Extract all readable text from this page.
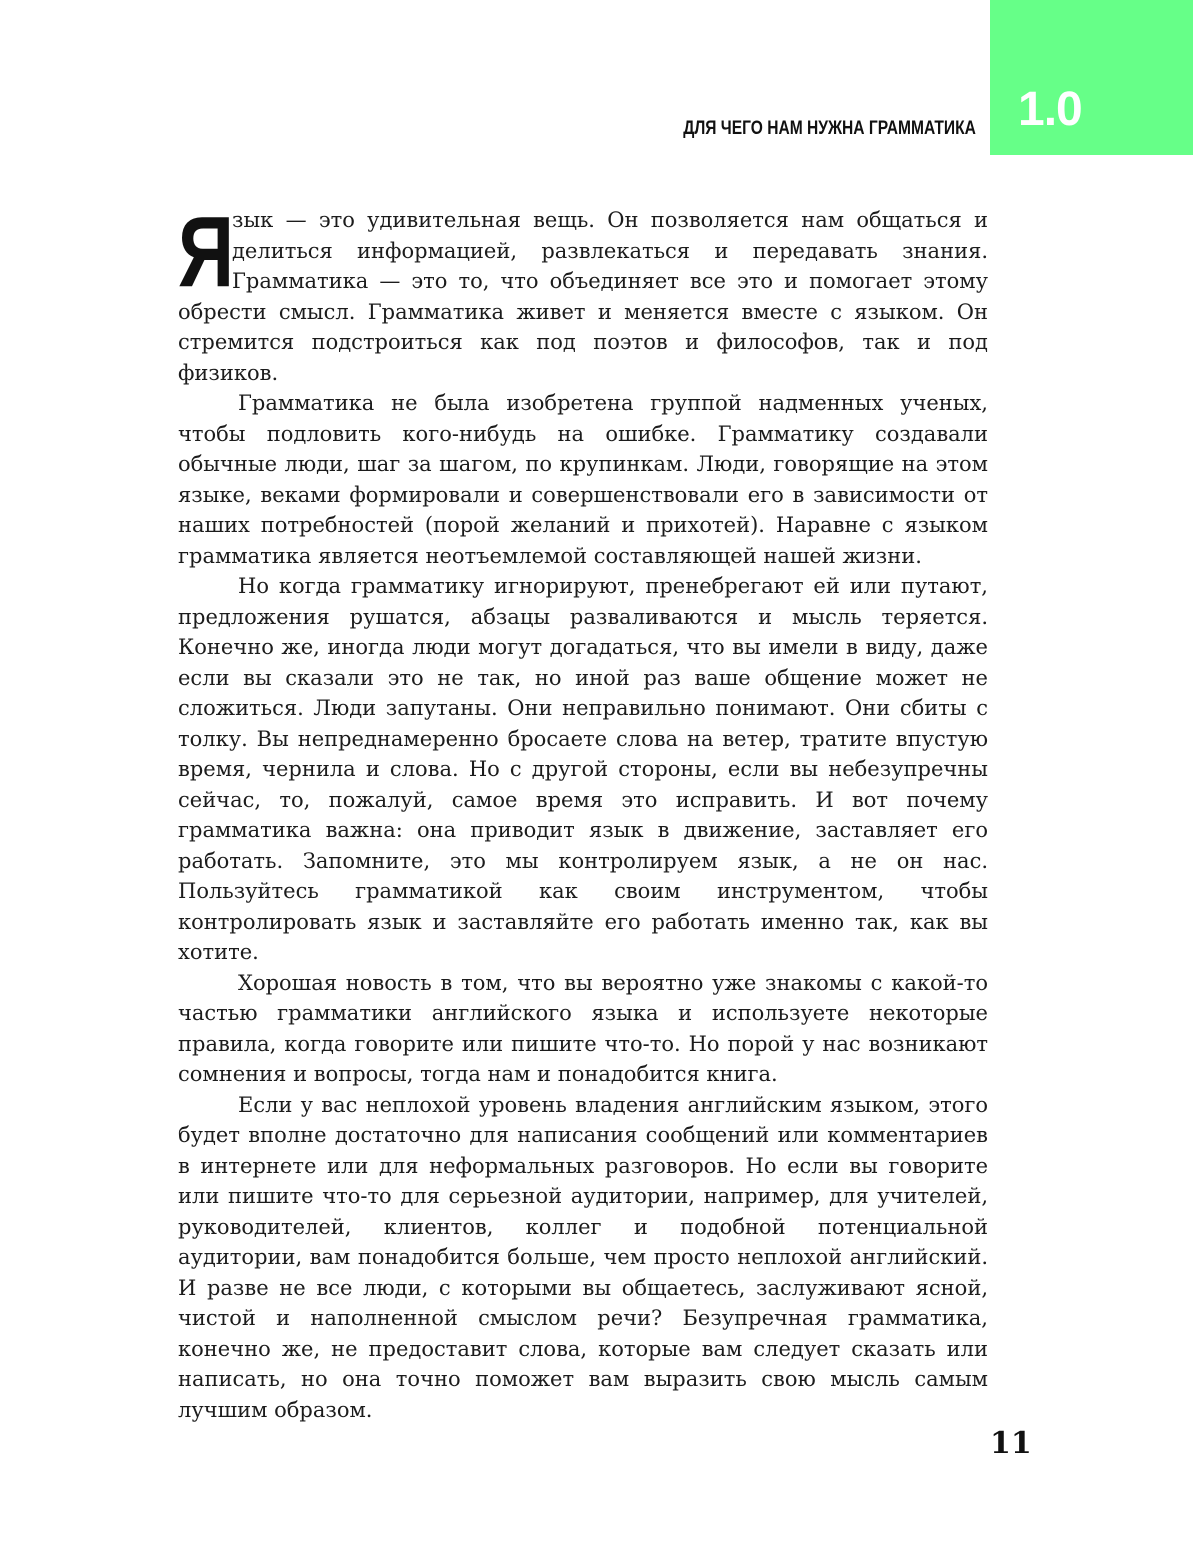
1.0
ДЛЯ ЧЕГО НАМ НУЖНА ГРАММАТИКА

Я
зык — это удивительная вещь. Он позволяется нам общаться и делиться информацией, развлекаться и передавать знания. Грамматика — это то, что объединяет все это и помогает этому обрести смысл. Грамматика живет и меняется вместе с языком. Он стремится подстроиться как под поэтов и философов, так и под физиков.

Грамматика не была изобретена группой надменных ученых, чтобы подловить кого-нибудь на ошибке. Грамматику создавали обычные люди, шаг за шагом, по крупинкам. Люди, говорящие на этом языке, веками формировали и совершенствовали его в зависимости от наших потребностей (порой желаний и прихотей). Наравне с языком грамматика является неотъемлемой составляющей нашей жизни.

Но когда грамматику игнорируют, пренебрегают ей или путают, предложения рушатся, абзацы разваливаются и мысль теряется. Конечно же, иногда люди могут догадаться, что вы имели в виду, даже если вы сказали это не так, но иной раз ваше общение может не сложиться. Люди запутаны. Они неправильно понимают. Они сбиты с толку. Вы непреднамеренно бросаете слова на ветер, тратите впустую время, чернила и слова. Но с другой стороны, если вы небезупречны сейчас, то, пожалуй, самое время это исправить. И вот почему грамматика важна: она приводит язык в движение, заставляет его работать. Запомните, это мы контролируем язык, а не он нас. Пользуйтесь грамматикой как своим инструментом, чтобы контролировать язык и заставляйте его работать именно так, как вы хотите.

Хорошая новость в том, что вы вероятно уже знакомы с какой-то частью грамматики английского языка и используете некоторые правила, когда говорите или пишите что-то. Но порой у нас возникают сомнения и вопросы, тогда нам и понадобится книга.

Если у вас неплохой уровень владения английским языком, этого будет вполне достаточно для написания сообщений или комментариев в интернете или для неформальных разговоров. Но если вы говорите или пишите что-то для серьезной аудитории, например, для учителей, руководителей, клиентов, коллег и подобной потенциальной аудитории, вам понадобится больше, чем просто неплохой английский. И разве не все люди, с которыми вы общаетесь, заслуживают ясной, чистой и наполненной смыслом речи? Безупречная грамматика, конечно же, не предоставит слова, которые вам следует сказать или написать, но она точно поможет вам выразить свою мысль самым лучшим образом.

11
